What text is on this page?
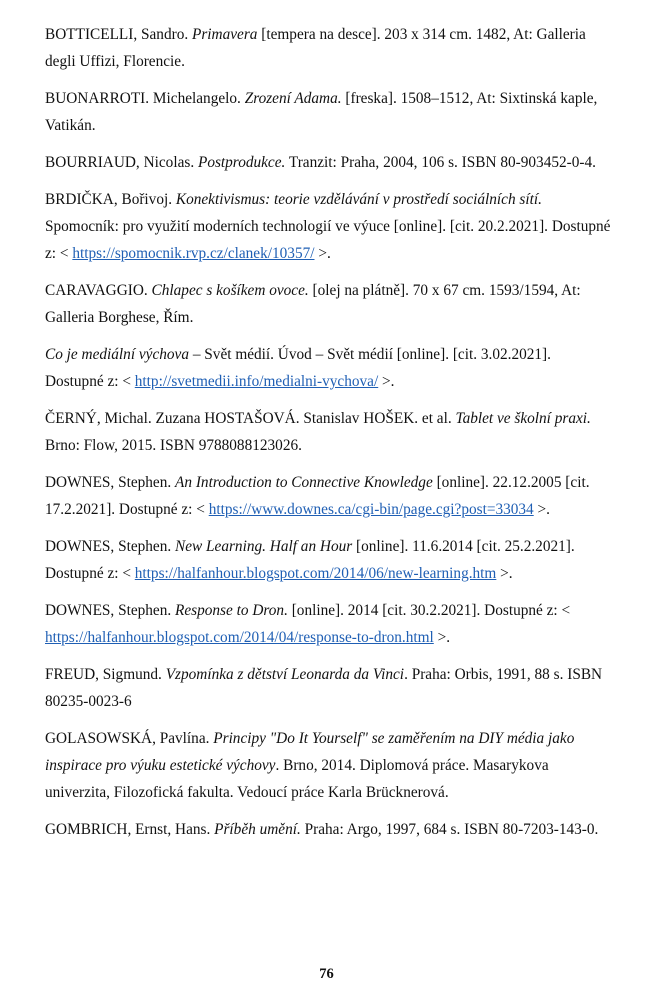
BOTTICELLI, Sandro. Primavera [tempera na desce]. 203 x 314 cm. 1482, At: Galleria degli Uffizi, Florencie.

BUONARROTI. Michelangelo. Zrození Adama. [freska]. 1508–1512, At: Sixtinská kaple, Vatikán.

BOURRIAUD, Nicolas. Postprodukce. Tranzit: Praha, 2004, 106 s. ISBN 80-903452-0-4.

BRDIČKA, Bořivoj. Konektivismus: teorie vzdělávání v prostředí sociálních sítí. Spomocník: pro využití moderních technologií ve výuce [online]. [cit. 20.2.2021]. Dostupné z: < https://spomocnik.rvp.cz/clanek/10357/ >.

CARAVAGGIO. Chlapec s košíkem ovoce. [olej na plátně]. 70 x 67 cm. 1593/1594, At: Galleria Borghese, Řím.

Co je mediální výchova – Svět médií. Úvod – Svět médií [online]. [cit. 3.02.2021]. Dostupné z: < http://svetmedii.info/medialni-vychova/ >.

ČERNÝ, Michal. Zuzana HOSTAŠOVÁ. Stanislav HOŠEK. et al. Tablet ve školní praxi. Brno: Flow, 2015. ISBN 9788088123026.

DOWNES, Stephen. An Introduction to Connective Knowledge [online]. 22.12.2005 [cit. 17.2.2021]. Dostupné z: < https://www.downes.ca/cgi-bin/page.cgi?post=33034 >.

DOWNES, Stephen. New Learning. Half an Hour [online]. 11.6.2014 [cit. 25.2.2021]. Dostupné z: < https://halfanhour.blogspot.com/2014/06/new-learning.htm >.

DOWNES, Stephen. Response to Dron. [online]. 2014 [cit. 30.2.2021]. Dostupné z: < https://halfanhour.blogspot.com/2014/04/response-to-dron.html >.

FREUD, Sigmund. Vzpomínka z dětství Leonarda da Vinci. Praha: Orbis, 1991, 88 s. ISBN 80235-0023-6

GOLASOWSKÁ, Pavlína. Principy "Do It Yourself" se zaměřením na DIY média jako inspirace pro výuku estetické výchovy. Brno, 2014. Diplomová práce. Masarykova univerzita, Filozofická fakulta. Vedoucí práce Karla Brücknerová.

GOMBRICH, Ernst, Hans. Příběh umění. Praha: Argo, 1997, 684 s. ISBN 80-7203-143-0.

76
